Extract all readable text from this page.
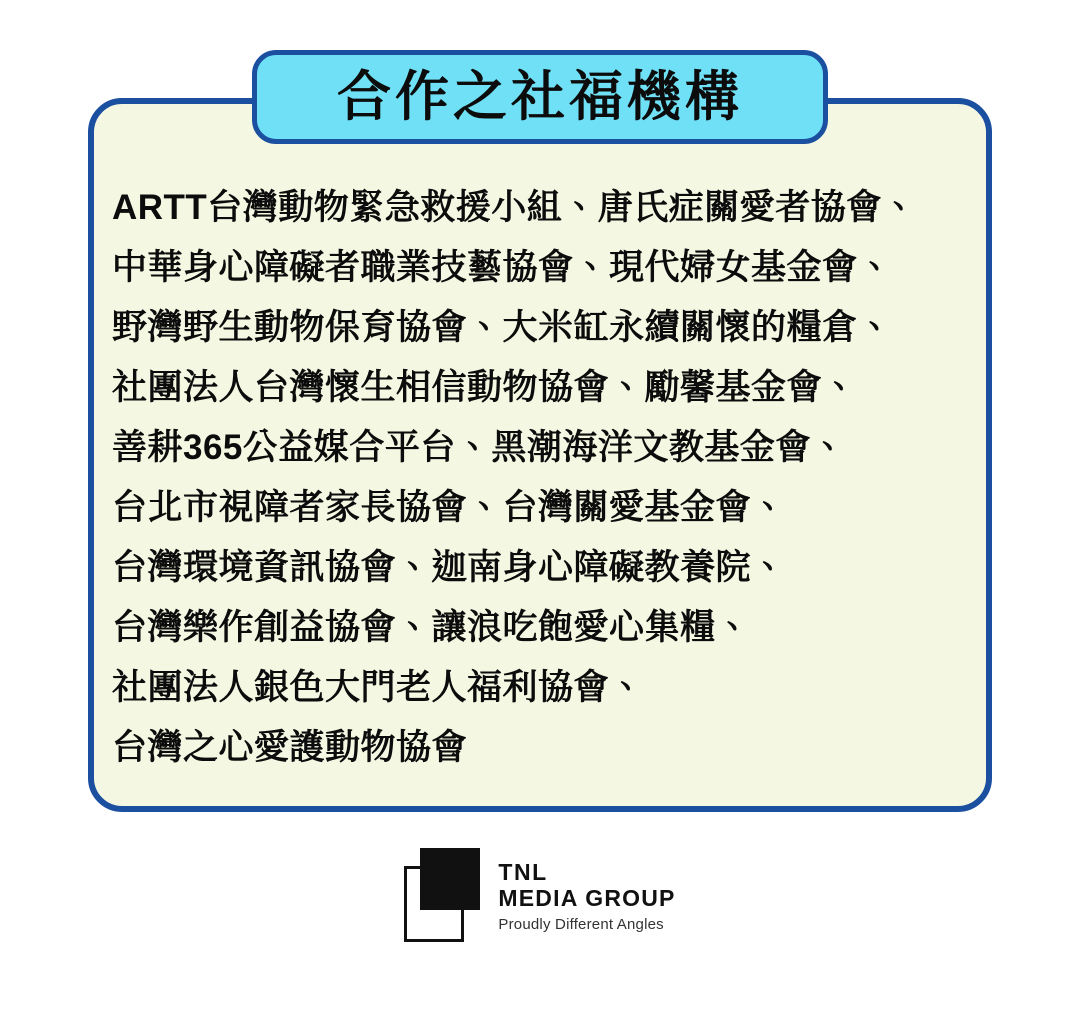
合作之社福機構
ARTT台灣動物緊急救援小組、唐氏症關愛者協會、
中華身心障礙者職業技藝協會、現代婦女基金會、
野灣野生動物保育協會、大米缸永續關懷的糧倉、
社團法人台灣懷生相信動物協會、勵馨基金會、
善耕365公益媒合平台、黑潮海洋文教基金會、
台北市視障者家長協會、台灣關愛基金會、
台灣環境資訊協會、迦南身心障礙教養院、
台灣樂作創益協會、讓浪吃飽愛心集糧、
社團法人銀色大門老人福利協會、
台灣之心愛護動物協會
TNL
MEDIA GROUP
Proudly Different Angles
